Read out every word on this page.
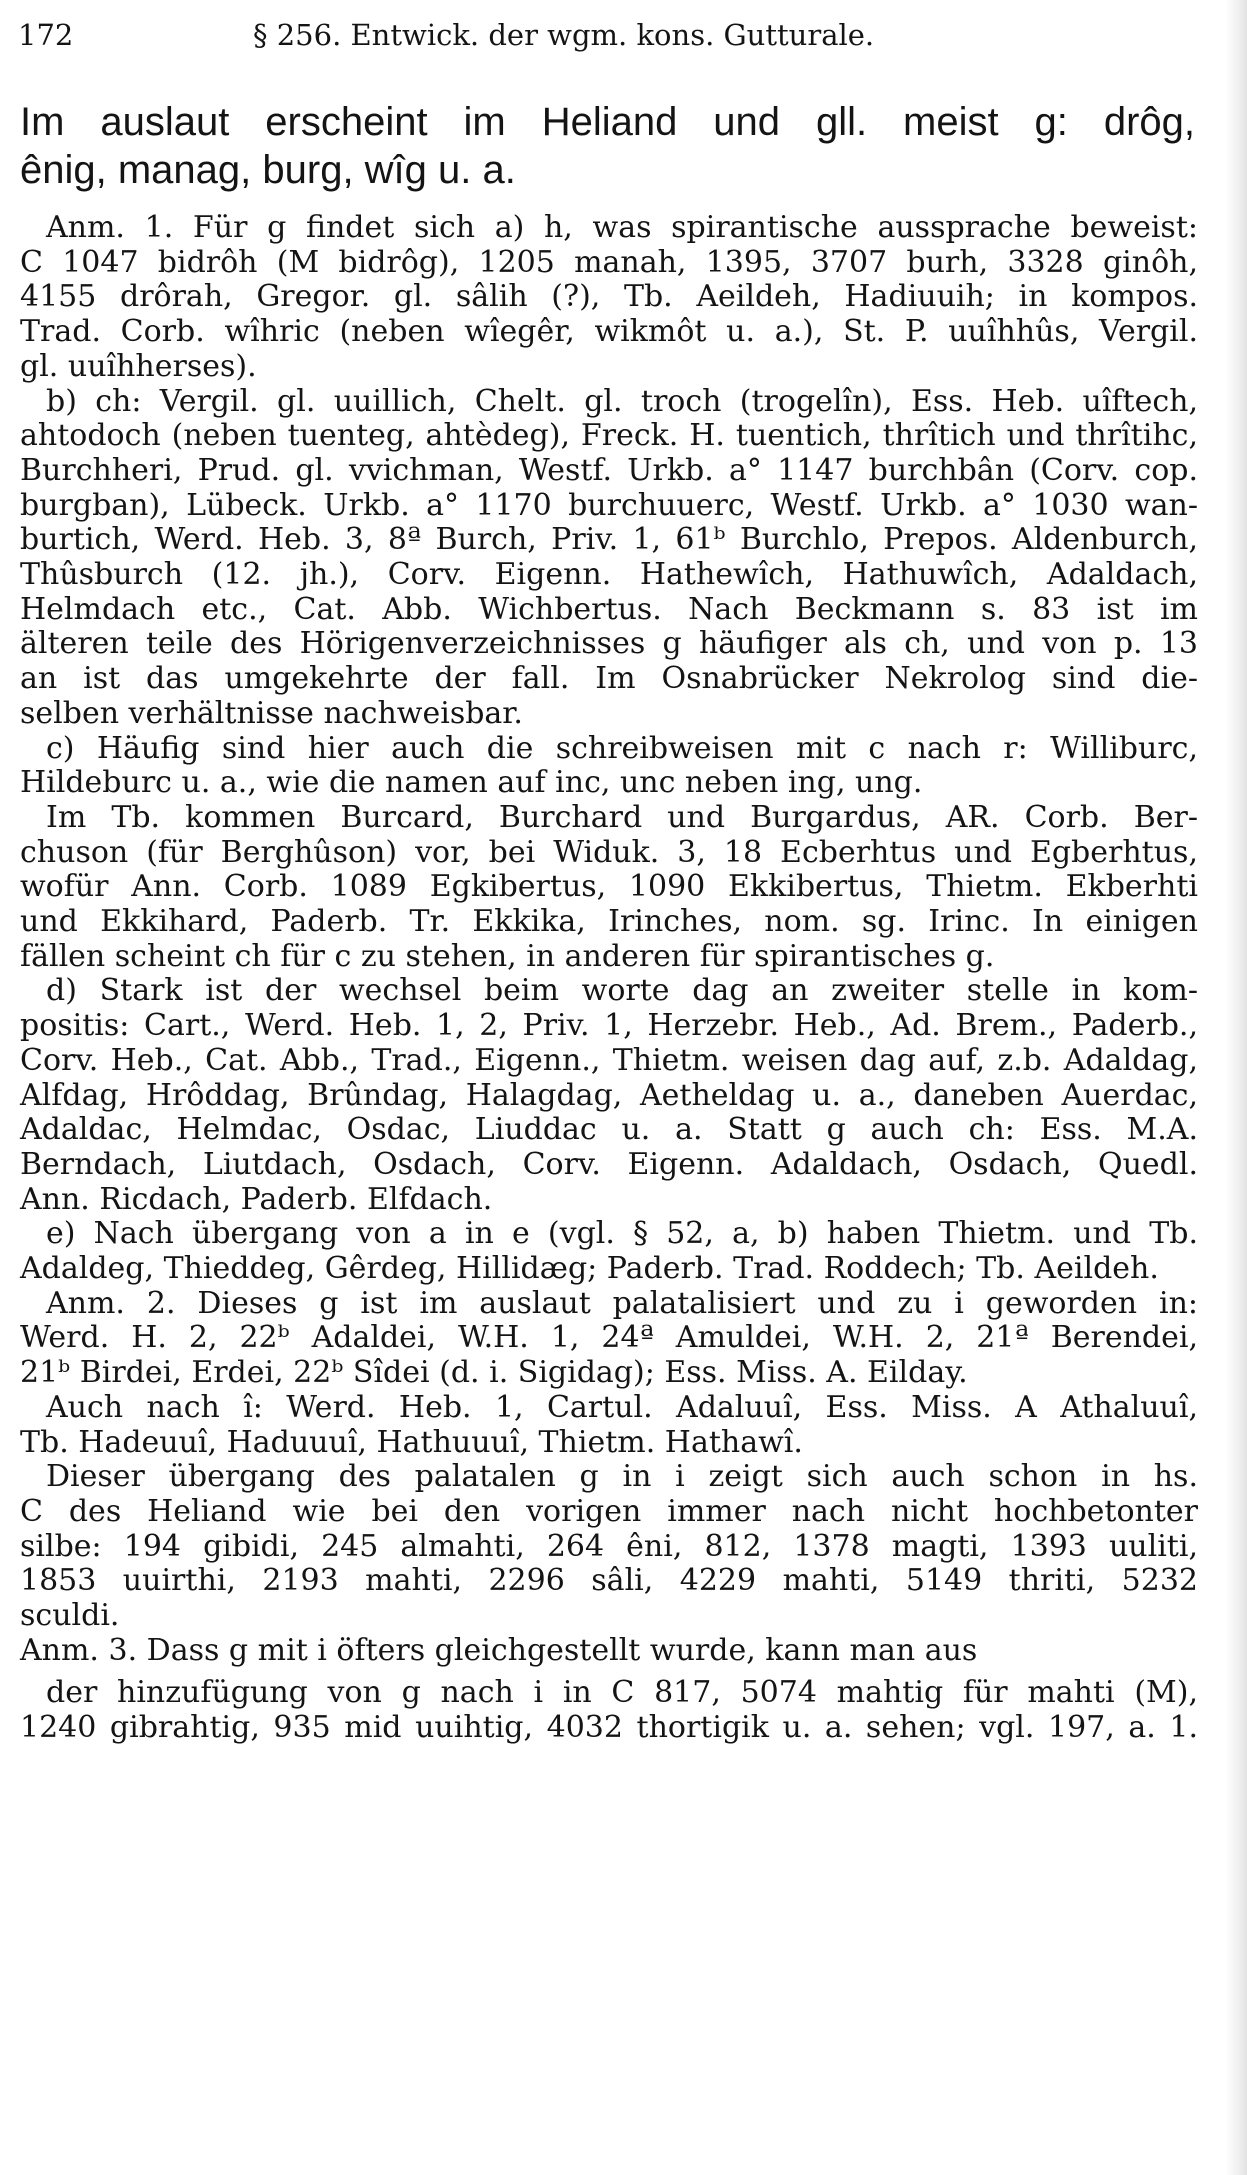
172	§ 256. Entwick. der wgm. kons. Gutturale.
Im auslaut erscheint im Heliand und gll. meist g: drôg,
ênig, manag, burg, wîg u. a.
Anm. 1. Für g findet sich a) h, was spirantische aussprache beweist:
C 1047 bidrôh (M bidrôg), 1205 manah, 1395, 3707 burh, 3328 ginôh,
4155 drôrah, Gregor. gl. sâlih (?), Tb. Aeildeh, Hadiuuih; in kompos.
Trad. Corb. wîhric (neben wîegêr, wikmôt u. a.), St. P. uuîhhûs, Vergil.
gl. uuîhherses).
b) ch: Vergil. gl. uuillich, Chelt. gl. troch (trogelîn), Ess. Heb. uîftech,
ahtodoch (neben tuenteg, ahtèdeg), Freck. H. tuentich, thrîtich und thrîtihc,
Burchheri, Prud. gl. vvichman, Westf. Urkb. a° 1147 burchbân (Corv. cop.
burgban), Lübeck. Urkb. a° 1170 burchuuerc, Westf. Urkb. a° 1030 wan-
burtich, Werd. Heb. 3, 8ª Burch, Priv. 1, 61ᵇ Burchlo, Prepos. Aldenburch,
Thûsburch (12. jh.), Corv. Eigenn. Hathewîch, Hathuwîch, Adaldach,
Helmdach etc., Cat. Abb. Wichbertus. Nach Beckmann s. 83 ist im
älteren teile des Hörigenverzeichnisses g häufiger als ch, und von p. 13
an ist das umgekehrte der fall. Im Osnabrücker Nekrolog sind die-
selben verhältnisse nachweisbar.
c) Häufig sind hier auch die schreibweisen mit c nach r: Williburc,
Hildeburc u. a., wie die namen auf inc, unc neben ing, ung.
Im Tb. kommen Burcard, Burchard und Burgardus, AR. Corb. Ber-
chuson (für Berghûson) vor, bei Widuk. 3, 18 Ecberhtus und Egberhtus,
wofür Ann. Corb. 1089 Egkibertus, 1090 Ekkibertus, Thietm. Ekberhti
und Ekkihard, Paderb. Tr. Ekkika, Irinches, nom. sg. Irinc. In einigen
fällen scheint ch für c zu stehen, in anderen für spirantisches g.
d) Stark ist der wechsel beim worte dag an zweiter stelle in kom-
positis: Cart., Werd. Heb. 1, 2, Priv. 1, Herzebr. Heb., Ad. Brem., Paderb.,
Corv. Heb., Cat. Abb., Trad., Eigenn., Thietm. weisen dag auf, z.b. Adaldag,
Alfdag, Hrôddag, Brûndag, Halagdag, Aetheldag u. a., daneben Auerdac,
Adaldac, Helmdac, Osdac, Liuddac u. a. Statt g auch ch: Ess. M.A.
Berndach, Liutdach, Osdach, Corv. Eigenn. Adaldach, Osdach, Quedl.
Ann. Ricdach, Paderb. Elfdach.
e) Nach übergang von a in e (vgl. § 52, a, b) haben Thietm. und Tb.
Adaldeg, Thieddeg, Gêrdeg, Hillidæg; Paderb. Trad. Roddech; Tb. Aeildeh.
Anm. 2. Dieses g ist im auslaut palatalisiert und zu i geworden in:
Werd. H. 2, 22ᵇ Adaldei, W.H. 1, 24ª Amuldei, W.H. 2, 21ª Berendei,
21ᵇ Birdei, Erdei, 22ᵇ Sîdei (d. i. Sigidag); Ess. Miss. A. Eilday.
Auch nach î: Werd. Heb. 1, Cartul. Adaluuî, Ess. Miss. A Athaluuî,
Tb. Hadeuuî, Haduuuî, Hathuuuî, Thietm. Hathawî.
Dieser übergang des palatalen g in i zeigt sich auch schon in hs.
C des Heliand wie bei den vorigen immer nach nicht hochbetonter
silbe: 194 gibidi, 245 almahti, 264 êni, 812, 1378 magti, 1393 uuliti,
1853 uuirthi, 2193 mahti, 2296 sâli, 4229 mahti, 5149 thriti, 5232
sculdi.
Anm. 3. Dass g mit i öfters gleichgestellt wurde, kann man aus
der hinzufügung von g nach i in C 817, 5074 mahtig für mahti (M),
1240 gibrahtig, 935 mid uuihtig, 4032 thortigik u. a. sehen; vgl. 197, a. 1.
